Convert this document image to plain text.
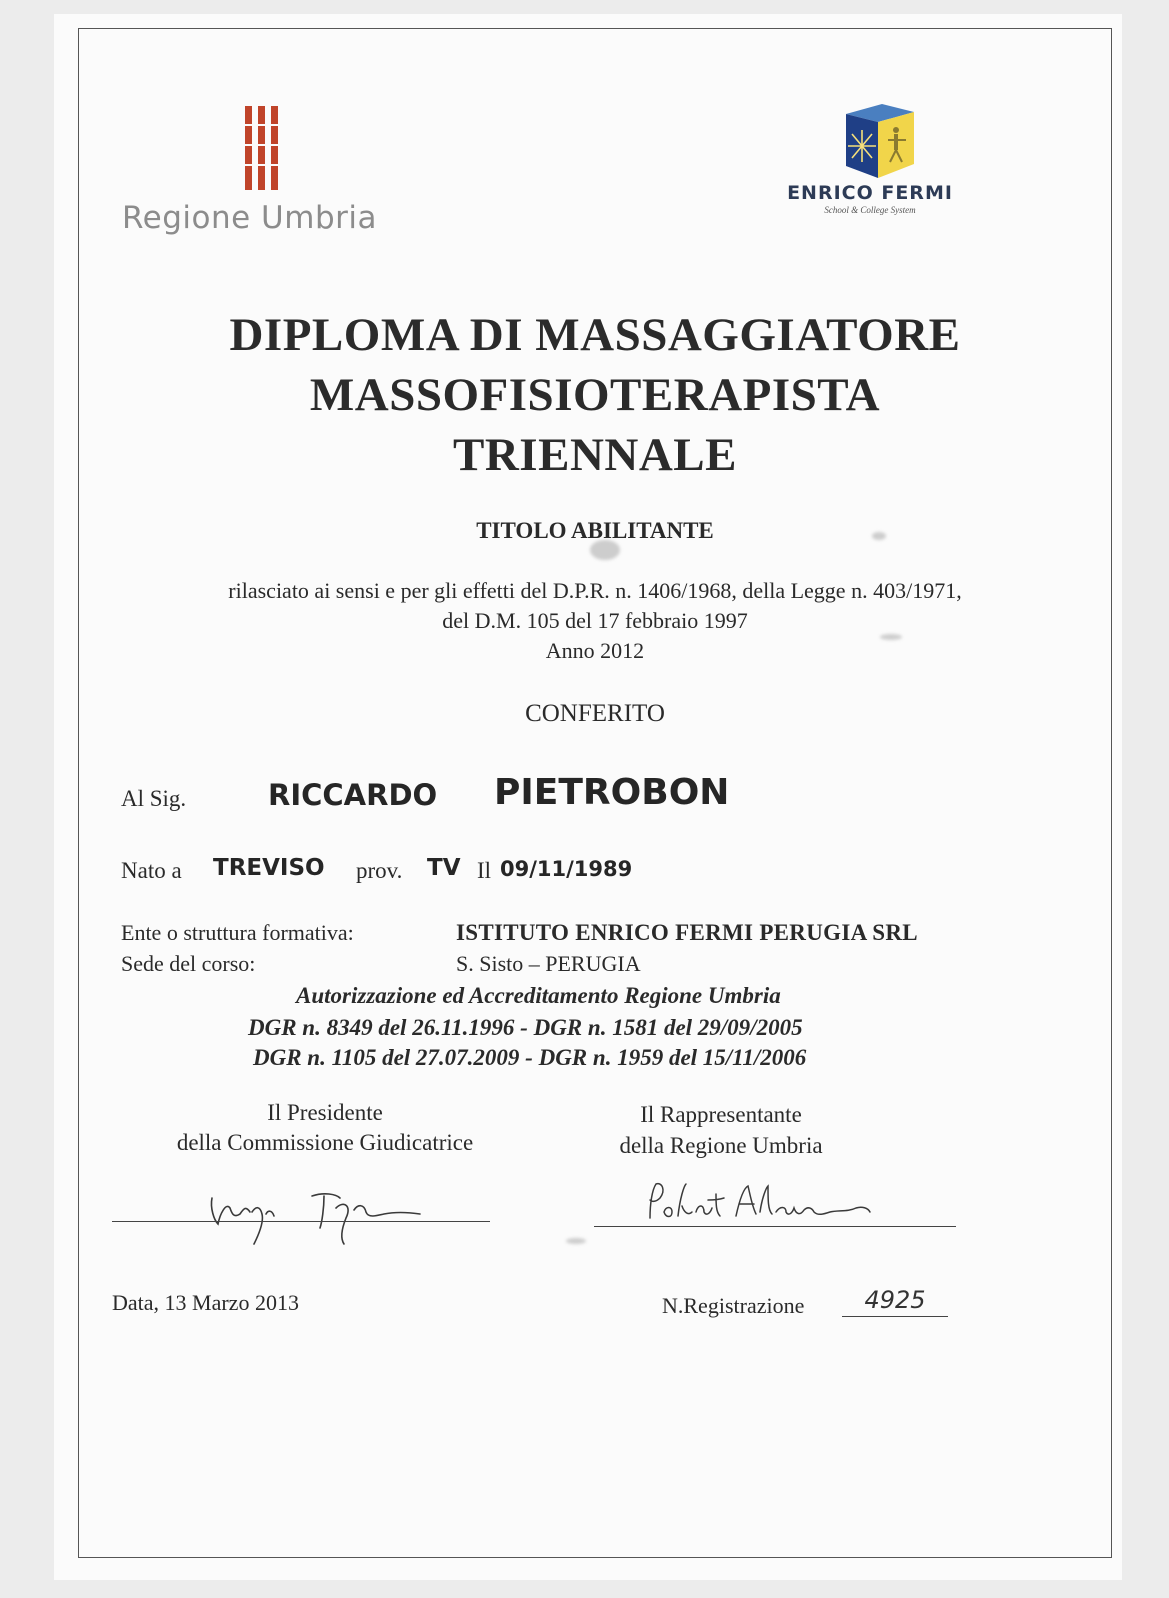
Regione Umbria
ENRICO FERMI
School & College System
DIPLOMA DI MASSAGGIATORE
MASSOFISIOTERAPISTA
TRIENNALE
TITOLO ABILITANTE
rilasciato ai sensi e per gli effetti del D.P.R. n. 1406/1968, della Legge n. 403/1971,
del D.M. 105 del 17 febbraio 1997
Anno 2012
CONFERITO
Al Sig.	RICCARDO PIETROBON
Nato a TREVISO prov. TV Il 09/11/1989
Ente o struttura formativa:	ISTITUTO ENRICO FERMI PERUGIA SRL
Sede del corso:	S. Sisto – PERUGIA
Autorizzazione ed Accreditamento Regione Umbria
DGR n. 8349 del 26.11.1996 - DGR n. 1581 del 29/09/2005
DGR n. 1105 del 27.07.2009 - DGR n. 1959 del 15/11/2006
Il Presidente
della Commissione Giudicatrice
Il Rappresentante
della Regione Umbria
Data, 13 Marzo 2013	N.Registrazione	4925
